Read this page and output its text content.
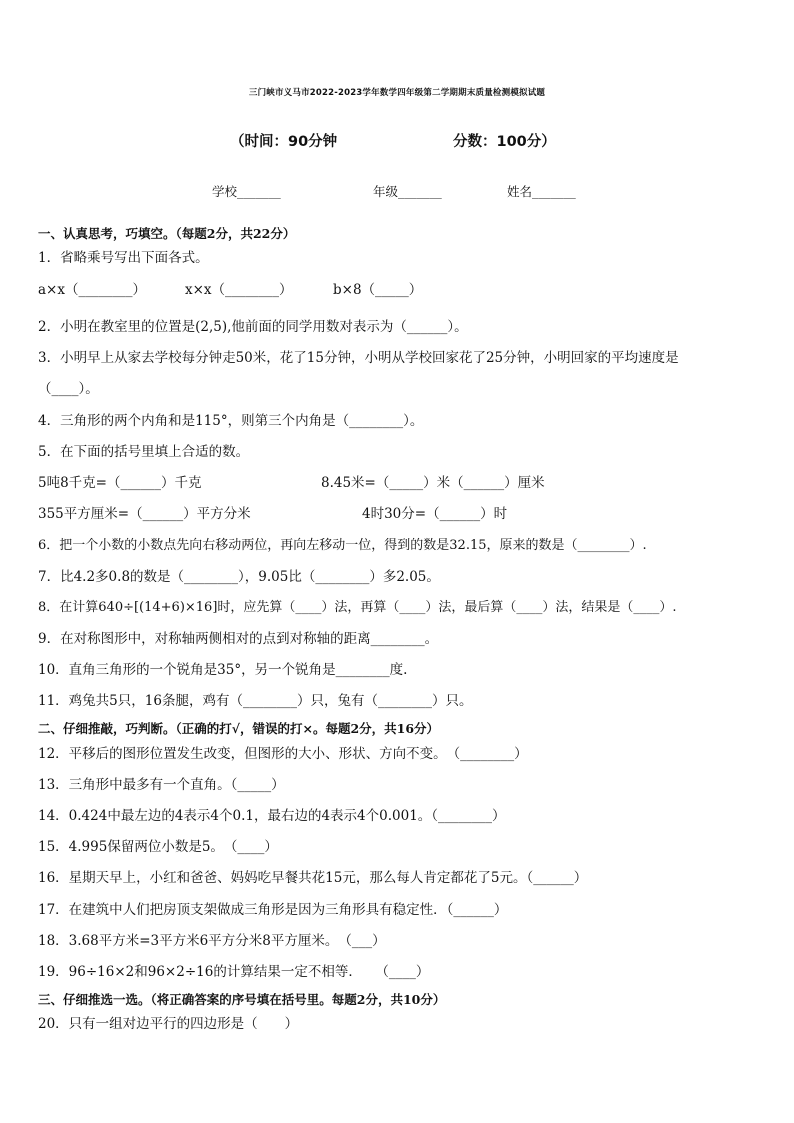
三门峡市义马市2022-2023学年数学四年级第二学期期末质量检测模拟试题
（时间：90分钟	分数：100分）
学校_______	年级_______	姓名_______
一、认真思考，巧填空。（每题2分，共22分）
1．省略乘号写出下面各式。
a×x（________）	x×x（________）	b×8（_____）
2．小明在教室里的位置是(2,5),他前面的同学用数对表示为（______）。
3．小明早上从家去学校每分钟走50米，花了15分钟，小明从学校回家花了25分钟，小明回家的平均速度是
（____）。
4．三角形的两个内角和是115°，则第三个内角是（________）。
5．在下面的括号里填上合适的数。
5吨8千克=（______）千克	8.45米=（_____）米（______）厘米
355平方厘米=（______）平方分米	4时30分=（______）时
6．把一个小数的小数点先向右移动两位，再向左移动一位，得到的数是32.15，原来的数是（________）.
7．比4.2多0.8的数是（________），9.05比（________）多2.05。
8．在计算640÷[(14+6)×16]时，应先算（____）法，再算（____）法，最后算（____）法，结果是（____）.
9．在对称图形中，对称轴两侧相对的点到对称轴的距离________。
10．直角三角形的一个锐角是35°，另一个锐角是________度.
11．鸡兔共5只，16条腿，鸡有（________）只，兔有（________）只。
二、仔细推敲，巧判断。（正确的打√，错误的打×。每题2分，共16分）
12．平移后的图形位置发生改变，但图形的大小、形状、方向不变。　（________）
13．三角形中最多有一个直角。（_____）
14．0.424中最左边的4表示4个0.1，最右边的4表示4个0.001。（________）
15．4.995保留两位小数是5。　（____）
16．星期天早上，小红和爸爸、妈妈吃早餐共花15元，那么每人肯定都花了5元。（______）
17．在建筑中人们把房顶支架做成三角形是因为三角形具有稳定性．（______）
18．3.68平方米=3平方米6平方分米8平方厘米。　（___）
19．96÷16×2和96×2÷16的计算结果一定不相等．　　（____）
三、仔细推选一选。（将正确答案的序号填在括号里。每题2分，共10分）
20．只有一组对边平行的四边形是（　　）
